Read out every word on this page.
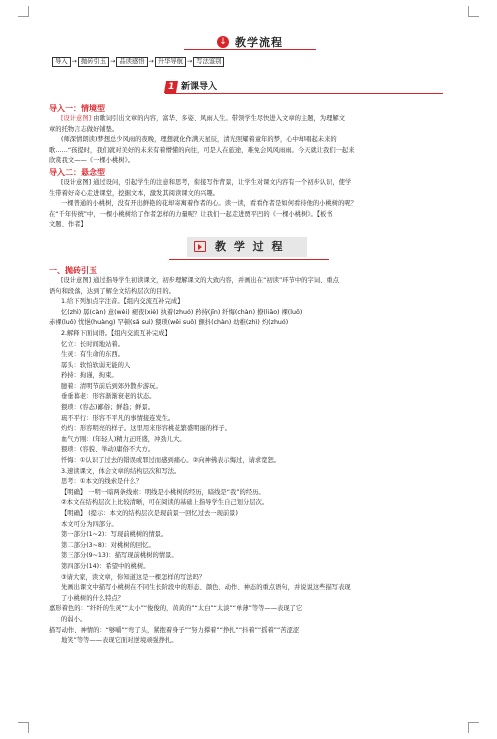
↓ 教学流程
导入 → 抛砖引玉 → 品读感悟 → 升华导航 → 写法鉴别
1 新课导入
导入一：情境型
[设计意图] 由歌词引出文章的内容，富华、多姿、风雨人生。带领学生尽快进入文章的主题，为理解文
章的托物言志做好铺垫。
(师深情朗读)梦想总少风雨的夜晚，理想就化作满天星辰，清光照耀着童年的梦，心中却唱起未来的
歌……“孩提时，我们就对美好的未来有着懵懂的向往，可是人在旅途，难免会风风雨雨。今天就让我们一起来
欣赏我文——《一棵小桃树》。
导入二：悬念型
[设计意图] 通过设问，引起学生的注意和思考，衔接写作背景，让学生对课文内容有一个初步认识，使学
生带着好奇心走进课堂，挖掘文本，激发其阅读课文的兴趣。
一棵普通的小桃树，没有开出鲜艳的花却寄寓着作者的心。读一读，看看作者是如何看待他的小桃树的呢？
在“千年传统”中，一棵小桃树给了作者怎样的力量呢？让我们一起走进贾平凹的《一棵小桃树》。【板书
文题、作者】
教 学 过 程
一、抛砖引玉
[设计意图] 通过指导学生初读课文，初步理解课文的大致内容，并画出在“初读”环节中的字词、重点
语句和段落，达到了解全文结构层次的目的。
1.给下列加点字注音。【组内交流互补完成】
忆(zhì) 孱(càn) 意(wèi) 褪夜(xiè) 执着(zhuó) 矜持(jīn) 纤悔(chàn) 撩(liāo) 裸(luǒ)
赤裸(luǒ) 忧悒(huàng) 罕顿(sǎ suì) 猥琐(wěi suǒ) 颤抖(chàn) 幼稚(zhì) 灼(zhuó)
2.解释下面词语。【组内交流互补完成】
忆立：长时间地站着。
生灵：有生命的东西。
孱头：软怕软弱无能的人
矜持：拘谨，拘束。
臆着：清明节前后到郊外散步游玩。
垂垂暮老：形容渐渐衰老的状态。
猥琐：(容态)鄙俗；鲜趋；鲜景。
琉不平行：形容不平凡的事情接连发生。
灼灼：形容明亮的样子。这里用来形容桃花繁盛明丽的样子。
血气方刚：(年轻人)精力正旺盛，冲劲儿大。
猥琐：(容貌、举动)庸俗不大方。
忏悔：①认识了过去的错误或罪过而感到痛心。②向神佛表示悔过，请求宽恕。
3.速读课文，体会文章的结构层次和写法。
思考：①本文的线索是什么？
【明确】 一明一暗两条线索：明线是小桃树的经历，暗线是“我”的经历。
②本文在结构层次上比较清晰，可在阅读的基础上指导学生自己划分层次。
【明确】 (提示：本文的结构层次是现前景一回忆过去一现前景)
本文可分为四部分。
第一部分(1~2)：写现前桃树的情景。
第二部分(3~8)：对桃树的回忆。
第三部分(9~13)：描写现前桃树的情景。
第四部分(14)：希望中的桃树。
③请大家，读文章，你知道这是一棵怎样的写法吗？
先画出课文中描写小桃树在不同生长阶段中的形态、颜色、动作、神态的重点语句，并说说这些描写表现
了小桃树的什么特点？
嘉形着色的：“纤纤的生灵”“太小”“俊俊的，黄黄的”“太白”“太淡”“单薄”等等——表现了它
的弱小。
描写动作、神情的：“够嚼”“弯了头，紧抱着身子”“努力撑着”“挣扎”“抖着”“摇着”“苦涩涩
地笑”等等——表现它面对逆境顽强挣扎。
